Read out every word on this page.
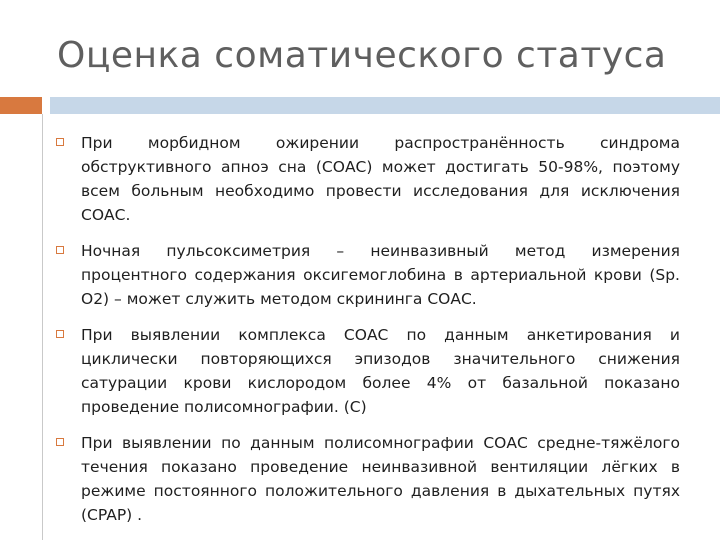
Оценка соматического статуса
При морбидном ожирении распространённость синдрома обструктивного апноэ сна (СОАС) может достигать 50-98%, поэтому всем больным необходимо провести исследования для исключения СОАС.
Ночная пульсоксиметрия – неинвазивный метод измерения процентного содержания оксигемоглобина в артериальной крови (Sp. O2) – может служить методом скрининга СОАС.
При выявлении комплекса СОАС по данным анкетирования и циклически повторяющихся эпизодов значительного снижения сатурации крови кислородом более 4% от базальной показано проведение полисомнографии. (C)
При выявлении по данным полисомнографии СОАС средне-тяжёлого течения показано проведение неинвазивной вентиляции лёгких в режиме постоянного положительного давления в дыхательных путях (CPAP) .
